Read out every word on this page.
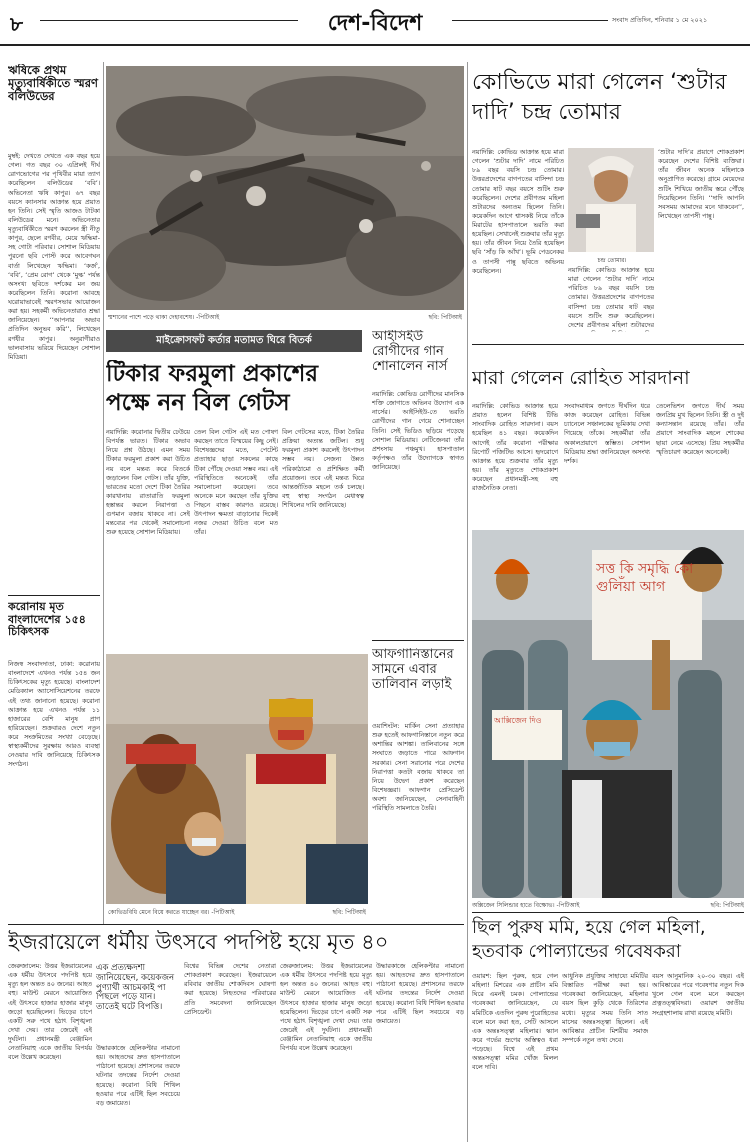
৮	দেশ-বিদেশ	সংবাদ প্রতিদিন, শনিবার ১ মে ২০২১
ঋষিকে প্রথম মৃত্যুবার্ষিকীতে স্মরণ বলিউডের
মুম্বই: দেখতে দেখতে এক বছর হয়ে গেল। গত বছর ৩০ এপ্রিলই দীর্ঘ রোগভোগের পর পৃথিবীর মায়া ত্যাগ করেছিলেন বলিউডের ‘ববি’। অভিনেতা ঋষি কাপুর। ৬৭ বছর বয়সে ক্যানসার আক্রান্ত হয়ে প্রয়াত হন তিনি। সেই স্মৃতি আজও টাটকা বলিউডের মনে। অভিনেতার মৃত্যুবার্ষিকীতে স্মরণ করলেন স্ত্রী নীতু কাপুর, ছেলে রণবীর, মেয়ে ঋদ্ধিমা-সহ গোটা পরিবার। সোশাল মিডিয়ায় পুরনো ছবি পোস্ট করে আবেগঘন বার্তা লিখেছেন ঋদ্ধিমা। ‘কর্জ’, ‘ববি’, ‘প্রেম রোগ’ থেকে ‘মুল্ক’ পর্যন্ত অসংখ্য ছবিতে দর্শকের মন জয় করেছিলেন তিনি। করোনা আবহে ঘরোয়াভাবেই স্মরণসভার আয়োজন করা হয়। সহকর্মী অভিনেতারাও শ্রদ্ধা জানিয়েছেন। ‘‘আপনার অভাব প্রতিদিন অনুভব করি’’, লিখেছেন রণধীর কাপুর। অনুরাগীরাও ভালবাসায় ভরিয়ে দিয়েছেন সোশাল মিডিয়া।
করোনায় মৃত বাংলাদেশের ১৫৪ চিকিৎসক
নিজস্ব সংবাদদাতা, ঢাকা: করোনায় বাংলাদেশে এখনও পর্যন্ত ১৫৪ জন চিকিৎসকের মৃত্যু হয়েছে। বাংলাদেশ মেডিক্যাল অ্যাসোসিয়েশনের তরফে এই তথ্য জানানো হয়েছে। করোনা আক্রান্ত হয়ে এখনও পর্যন্ত ১১ হাজারের বেশি মানুষ প্রাণ হারিয়েছেন। শুক্রবারও দেশে নতুন করে সংক্রমিতের সংখ্যা বেড়েছে। স্বাস্থ্যকর্মীদের সুরক্ষায় আরও ব্যবস্থা নেওয়ার দাবি জানিয়েছে চিকিৎসক সংগঠন।
শ্মশানের পাশে পড়ে থাকা দেহাবশেষ। -পিটিআই	ছবি: পিটিআই
মাইক্রোসফট কর্তার মতামত ঘিরে বিতর্ক
টিকার ফরমুলা প্রকাশের পক্ষে নন বিল গেটস
নয়াদিল্লি: করোনার দ্বিতীয় ঢেউয়ে বিপর্যস্ত ভারত। টিকার অভাব নিয়ে প্রশ্ন উঠছে। এমন সময় টিকার ফরমুলা প্রকাশ করা উচিত নয় বলে মন্তব্য করে বিতর্কে জড়ালেন বিল গেটস। তাঁর যুক্তি, ভারতের মতো দেশে টিকা তৈরির কারখানায় রাতারাতি ফরমুলা হস্তান্তর করলে নিরাপত্তা ও গুণমান বজায় থাকবে না। সেই মন্তব্যের পর থেকেই সমালোচনা শুরু হয়েছে সোশাল মিডিয়ায়।
তেল বিল গেটস এই মত পোষণ করছেন তাতে বিস্ময়ের কিছু নেই। বিশেষজ্ঞদের মতে, পেটেন্ট প্রত্যাহার ছাড়া সকলের কাছে টিকা পৌঁছে দেওয়া সম্ভব নয়। এই পরিস্থিতিতে অনেকেই তাঁর সমালোচনা করেছেন। তবে অনেকে মনে করছেন তাঁর যুক্তির পিছনে বাস্তব কারণও রয়েছে। উৎপাদন ক্ষমতা বাড়ানোর দিকেই নজর দেওয়া উচিত বলে মত তাঁর।
বিল গেটসের মতে, টিকা তৈরির প্রক্রিয়া অত্যন্ত জটিল। শুধু ফরমুলা প্রকাশ করলেই উৎপাদন সম্ভব নয়। সেজন্য উন্নত পরিকাঠামো ও প্রশিক্ষিত কর্মী প্রয়োজন। তবে এই মন্তব্য ঘিরে আন্তর্জাতিক মহলে তর্ক চলছে। বহু স্বাস্থ্য সংগঠন মেধাস্বত্ব শিথিলের দাবি জানিয়েছে।
আইসিইউ রোগীদের গান শোনালেন নার্স
নয়াদিল্লি: কোভিড রোগীদের মানসিক শক্তি জোগাতে অভিনব উদ্যোগ এক নার্সের। আইসিইউ-তে ভরতি রোগীদের গান গেয়ে শোনাচ্ছেন তিনি। সেই ভিডিও ছড়িয়ে পড়েছে সোশাল মিডিয়ায়। নেটিজেনরা তাঁর প্রশংসায় পঞ্চমুখ। হাসপাতাল কর্তৃপক্ষও তাঁর উদ্যোগকে স্বাগত জানিয়েছে।
আফগানিস্তানের সামনে এবার তালিবান লড়াই
ওয়াশিংটন: মার্কিন সেনা প্রত্যাহার শুরু হতেই আফগানিস্তানে নতুন করে অশান্তির আশঙ্কা। তালিবানের সঙ্গে সংঘাতে জড়াতে পারে আফগান সরকার। সেনা সরানোর পরে দেশের নিরাপত্তা কতটা বজায় থাকবে তা নিয়ে উদ্বেগ প্রকাশ করেছেন বিশেষজ্ঞরা। আফগান প্রেসিডেন্ট অবশ্য জানিয়েছেন, সেনাবাহিনী পরিস্থিতি সামলাতে তৈরি।
কোভিডবিধি মেনে বিয়ে করতে যাচ্ছেন বর। -পিটিআই	ছবি: পিটিআই
কোভিডে মারা গেলেন ‘শুটার দাদি’ চন্দ্র তোমার
নয়াদিল্লি: কোভিড আক্রান্ত হয়ে মারা গেলেন ‘শুটার দাদি’ নামে পরিচিত ৮৯ বছর বয়সি চন্দ্র তোমার। উত্তরপ্রদেশের বাগপতের বাসিন্দা চন্দ্র তোমার ষাট বছর বয়সে শুটিং শুরু করেছিলেন। দেশের প্রবীণতম মহিলা শুটারদের অন্যতম ছিলেন তিনি। কয়েকদিন আগে শ্বাসকষ্ট নিয়ে তাঁকে মিরাটের হাসপাতালে ভরতি করা হয়েছিল। সেখানেই শুক্রবার তাঁর মৃত্যু হয়। তাঁর জীবন নিয়ে তৈরি হয়েছিল ছবি ‘সাঁড় কি আঁখ’। ভূমি পেডনেকর ও তাপসী পান্নু ছবিতে অভিনয় করেছিলেন।
চন্দ্র তোমার।
নয়াদিল্লি: কোভিড আক্রান্ত হয়ে মারা গেলেন ‘শুটার দাদি’ নামে পরিচিত ৮৯ বছর বয়সি চন্দ্র তোমার। উত্তরপ্রদেশের বাগপতের বাসিন্দা চন্দ্র তোমার ষাট বছর বয়সে শুটিং শুরু করেছিলেন। দেশের প্রবীণতম মহিলা শুটারদের
‘শুটার দাদি’র প্রয়াণে শোকপ্রকাশ করেছেন দেশের বিশিষ্ট ব্যক্তিরা। তাঁর জীবন অনেক মহিলাকে অনুপ্রাণিত করেছে। গ্রামে মেয়েদের শুটিং শিখিয়ে জাতীয় স্তরে পৌঁছে দিয়েছিলেন তিনি। ‘‘দাদি আপনি সবসময় আমাদের মনে থাকবেন’’, লিখেছেন তাপসী পান্নু।
মারা গেলেন রোহিত সারদানা
নয়াদিল্লি: কোভিড আক্রান্ত হয়ে প্রয়াত হলেন বিশিষ্ট টিভি সাংবাদিক রোহিত সারদানা। বয়স হয়েছিল ৪১ বছর। কয়েকদিন আগেই তাঁর করোনা পরীক্ষার রিপোর্ট পজিটিভ আসে। হৃদরোগে আক্রান্ত হয়ে শুক্রবার তাঁর মৃত্যু হয়। তাঁর মৃত্যুতে শোকপ্রকাশ করেছেন প্রধানমন্ত্রী-সহ বহু রাজনৈতিক নেতা।
সংবাদমাধ্যম জগতে দীর্ঘদিন ধরে কাজ করেছেন রোহিত। বিভিন্ন চ্যানেলে সঞ্চালকের ভূমিকায় দেখা গিয়েছে তাঁকে। সহকর্মীরা তাঁর অকালপ্রয়াণে স্তম্ভিত। সোশাল মিডিয়ায় শ্রদ্ধা জানিয়েছেন অসংখ্য দর্শক।
তেলেভিশন জগতে দীর্ঘ সময় জনপ্রিয় মুখ ছিলেন তিনি। স্ত্রী ও দুই কন্যাসন্তান রয়েছে তাঁর। তাঁর প্রয়াণে সাংবাদিক মহলে শোকের ছায়া নেমে এসেছে। প্রিয় সহকর্মীর স্মৃতিচারণ করেছেন অনেকেই।
সত্ত কি সমৃদ্ধি কো গুলিঁয়া আগ
আক্সিজেন দিও
অক্সিজেন সিলিন্ডার হাতে বিক্ষোভ। -পিটিআই	ছবি: পিটিআই
ইজরায়েলে ধর্মীয় উৎসবে পদপিষ্ট হয়ে মৃত ৪০
জেরুজালেম: উত্তর ইজরায়েলের এক ধর্মীয় উৎসবে পদপিষ্ট হয়ে মৃত্যু হল অন্তত ৪০ জনের। আহত বহু। মাউন্ট মেরনে আয়োজিত এই উৎসবে হাজার হাজার মানুষ জড়ো হয়েছিলেন। ভিড়ের চাপে একটি সরু পথে হঠাৎ বিশৃঙ্খলা দেখা দেয়। তার জেরেই এই দুর্ঘটনা। প্রধানমন্ত্রী বেঞ্জামিন নেতানিয়াহু একে জাতীয় বিপর্যয় বলে উল্লেখ করেছেন।
উদ্ধারকাজে হেলিকপ্টার নামানো হয়। আহতদের দ্রুত হাসপাতালে পাঠানো হয়েছে। প্রশাসনের তরফে ঘটনার তদন্তের নির্দেশ দেওয়া হয়েছে। করোনা বিধি শিথিল হওয়ার পরে এটিই ছিল সবচেয়ে বড় জমায়েত।
এক প্রত্যক্ষদর্শী জানিয়েছেন, কয়েকজন পুণ্যার্থী আচমকাই পা পিছলে পড়ে যান। তাতেই ঘটে বিপত্তি।
বিশ্বের বিভিন্ন দেশের নেতারা শোকপ্রকাশ করেছেন। ইজরায়েলে রবিবার জাতীয় শোকদিবস ঘোষণা করা হয়েছে। নিহতদের পরিবারের প্রতি সমবেদনা জানিয়েছেন প্রেসিডেন্ট।
জেরুজালেম: উত্তর ইজরায়েলের এক ধর্মীয় উৎসবে পদপিষ্ট হয়ে মৃত্যু হল অন্তত ৪০ জনের। আহত বহু। মাউন্ট মেরনে আয়োজিত এই উৎসবে হাজার হাজার মানুষ জড়ো হয়েছিলেন। ভিড়ের চাপে একটি সরু পথে হঠাৎ বিশৃঙ্খলা দেখা দেয়। তার জেরেই এই দুর্ঘটনা। প্রধানমন্ত্রী বেঞ্জামিন নেতানিয়াহু একে জাতীয় বিপর্যয় বলে উল্লেখ করেছেন।
উদ্ধারকাজে হেলিকপ্টার নামানো হয়। আহতদের দ্রুত হাসপাতালে পাঠানো হয়েছে। প্রশাসনের তরফে ঘটনার তদন্তের নির্দেশ দেওয়া হয়েছে। করোনা বিধি শিথিল হওয়ার পরে এটিই ছিল সবচেয়ে বড় জমায়েত।
ছিল পুরুষ মমি, হয়ে গেল মহিলা, হতবাক পোল্যান্ডের গবেষকরা
ওয়ারশ: ছিল পুরুষ, হয়ে গেল মহিলা! মিশরের এক প্রাচীন মমি ঘিরে এমনই চমক। পোল্যান্ডের গবেষকরা জানিয়েছেন, যে মমিটিকে এতদিন পুরুষ পুরোহিতের বলে মনে করা হত, সেটি আসলে এক অন্তঃসত্ত্বা মহিলার। স্ক্যান করে গর্ভের ভ্রূণের অস্তিত্বও ধরা পড়েছে। বিশ্বে এই প্রথম অন্তঃসত্ত্বা মমির খোঁজ মিলল বলে দাবি।
আধুনিক প্রযুক্তির সাহায্যে মমিটির বিস্তারিত পরীক্ষা করা হয়। গবেষকরা জানিয়েছেন, মহিলার বয়স ছিল কুড়ি থেকে তিরিশের মধ্যে। মৃত্যুর সময় তিনি সাত মাসের অন্তঃসত্ত্বা ছিলেন। এই আবিষ্কার প্রাচীন মিশরীয় সমাজ সম্পর্কে নতুন তথ্য দেবে।
বয়স আনুমানিক ২০-৩০ বছর। এই আবিষ্কারের পরে গবেষণার নতুন দিক খুলে গেল বলে মনে করছেন প্রত্নতত্ত্ববিদরা। ওয়ারশ জাতীয় সংগ্রহশালায় রাখা রয়েছে মমিটি।
